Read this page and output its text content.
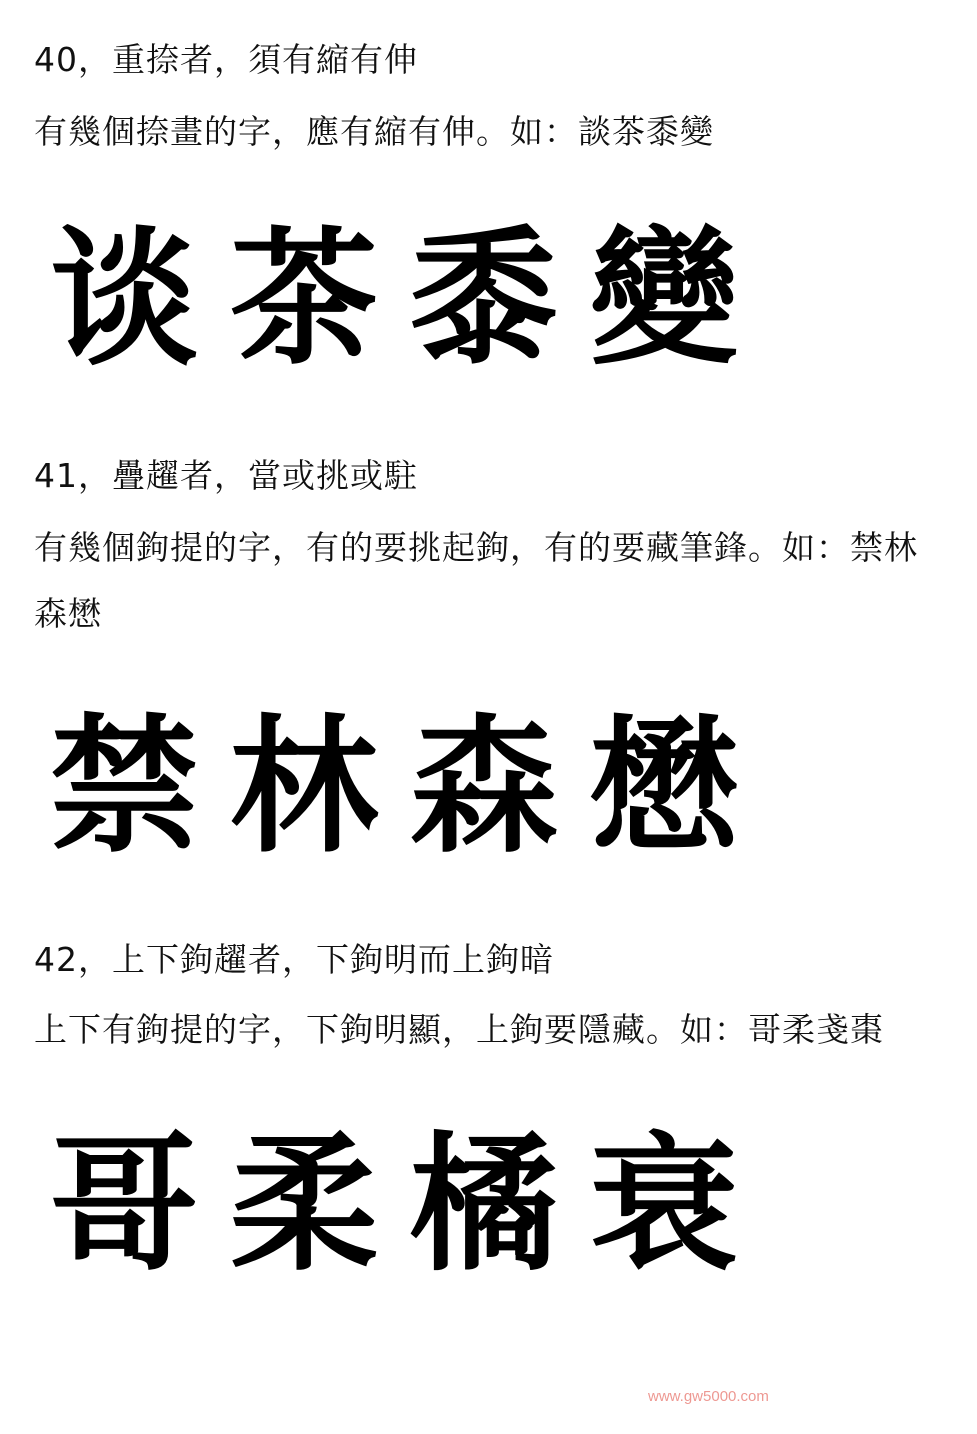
40，重捺者，須有縮有伸
有幾個捺畫的字，應有縮有伸。如：談茶黍變
谈 茶 黍 變
41，疊趯者，當或挑或駐
有幾個鉤提的字，有的要挑起鉤，有的要藏筆鋒。如：禁林
森懋
禁 林 森 懋
42，上下鉤趯者，下鉤明而上鉤暗
上下有鉤提的字，下鉤明顯，上鉤要隱藏。如：哥柔戔棗
哥 柔 橘 衰
www.gw5000.com
